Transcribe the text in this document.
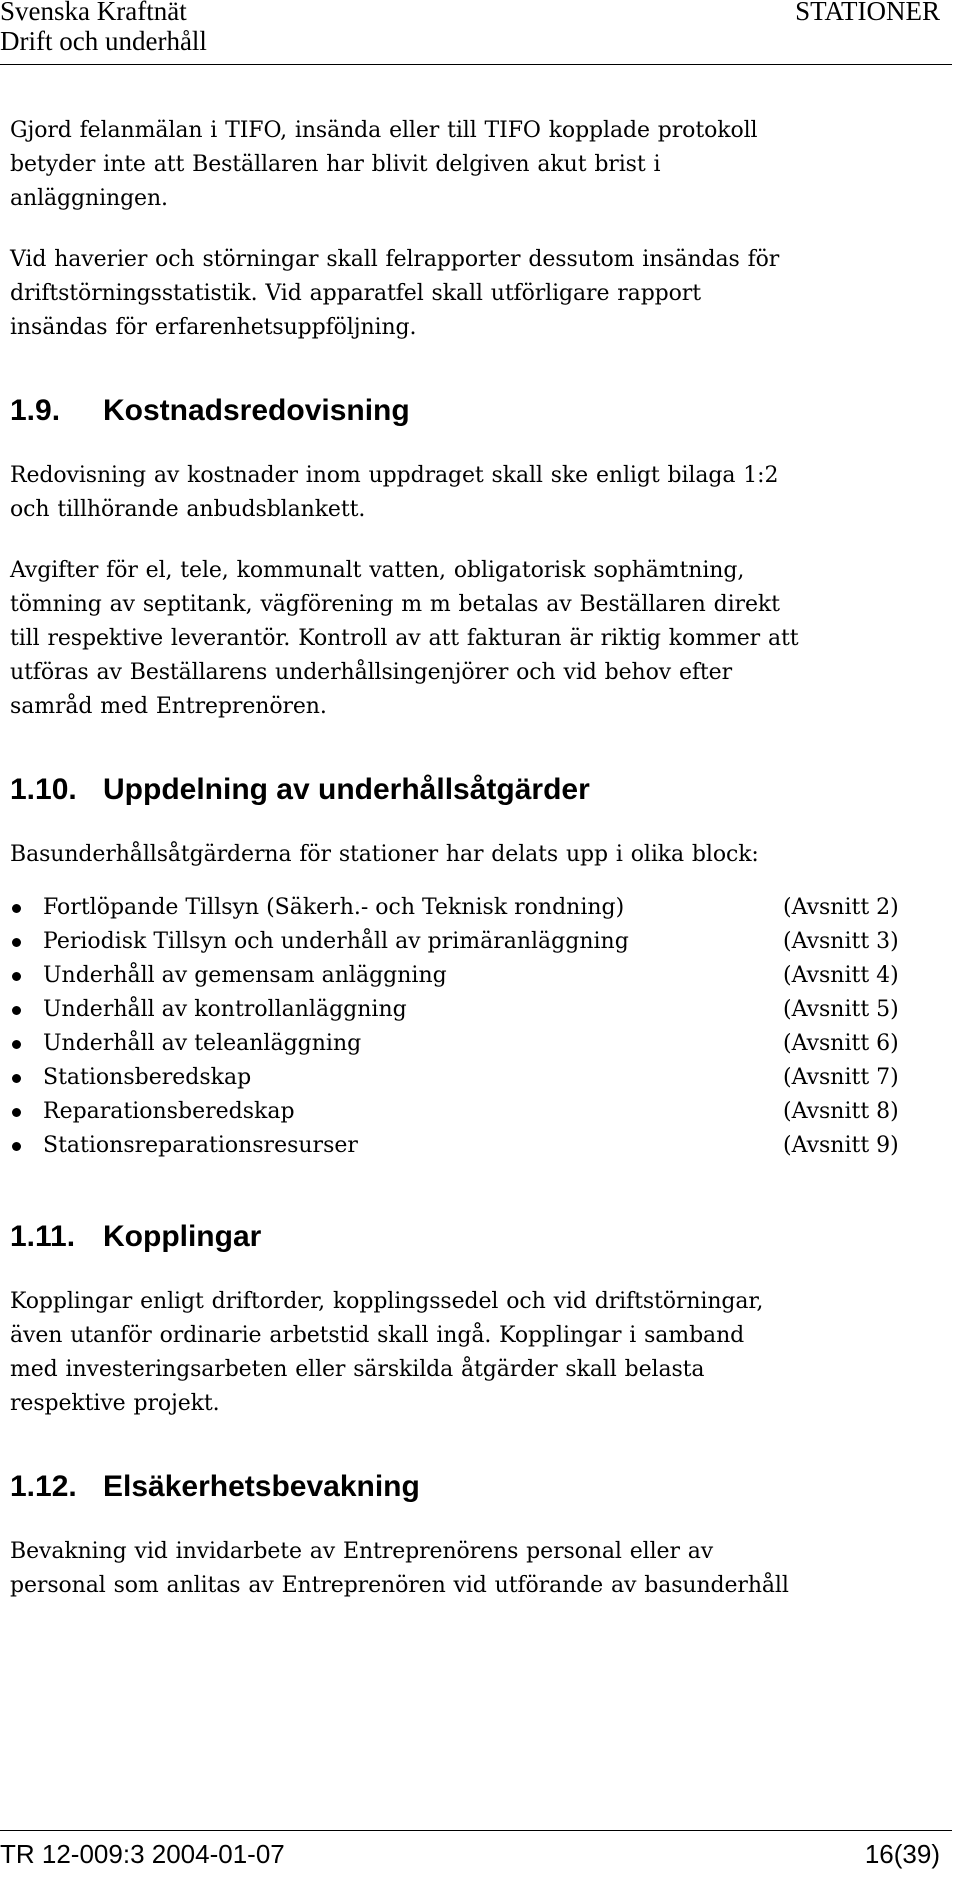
Svenska Kraftnät
Drift och underhåll
STATIONER

Gjord felanmälan i TIFO, insända eller till TIFO kopplade protokoll
betyder inte att Beställaren har blivit delgiven akut brist i
anläggningen.

Vid haverier och störningar skall felrapporter dessutom insändas för
driftstörningsstatistik. Vid apparatfel skall utförligare rapport
insändas för erfarenhetsuppföljning.

1.9. Kostnadsredovisning

Redovisning av kostnader inom uppdraget skall ske enligt bilaga 1:2
och tillhörande anbudsblankett.

Avgifter för el, tele, kommunalt vatten, obligatorisk sophämtning,
tömning av septitank, vägförening m m betalas av Beställaren direkt
till respektive leverantör. Kontroll av att fakturan är riktig kommer att
utföras av Beställarens underhållsingenjörer och vid behov efter
samråd med Entreprenören.

1.10. Uppdelning av underhållsåtgärder

Basunderhållsåtgärderna för stationer har delats upp i olika block:

Fortlöpande Tillsyn (Säkerh.- och Teknisk rondning)	(Avsnitt 2)
Periodisk Tillsyn och underhåll av primäranläggning	(Avsnitt 3)
Underhåll av gemensam anläggning	(Avsnitt 4)
Underhåll av kontrollanläggning	(Avsnitt 5)
Underhåll av teleanläggning	(Avsnitt 6)
Stationsberedskap	(Avsnitt 7)
Reparationsberedskap	(Avsnitt 8)
Stationsreparationsresurser	(Avsnitt 9)
1.11. Kopplingar

Kopplingar enligt driftorder, kopplingssedel och vid driftstörningar,
även utanför ordinarie arbetstid skall ingå. Kopplingar i samband
med investeringsarbeten eller särskilda åtgärder skall belasta
respektive projekt.

1.12. Elsäkerhetsbevakning

Bevakning vid invidarbete av Entreprenörens personal eller av
personal som anlitas av Entreprenören vid utförande av basunderhåll

TR 12-009:3 2004-01-07	16(39)
